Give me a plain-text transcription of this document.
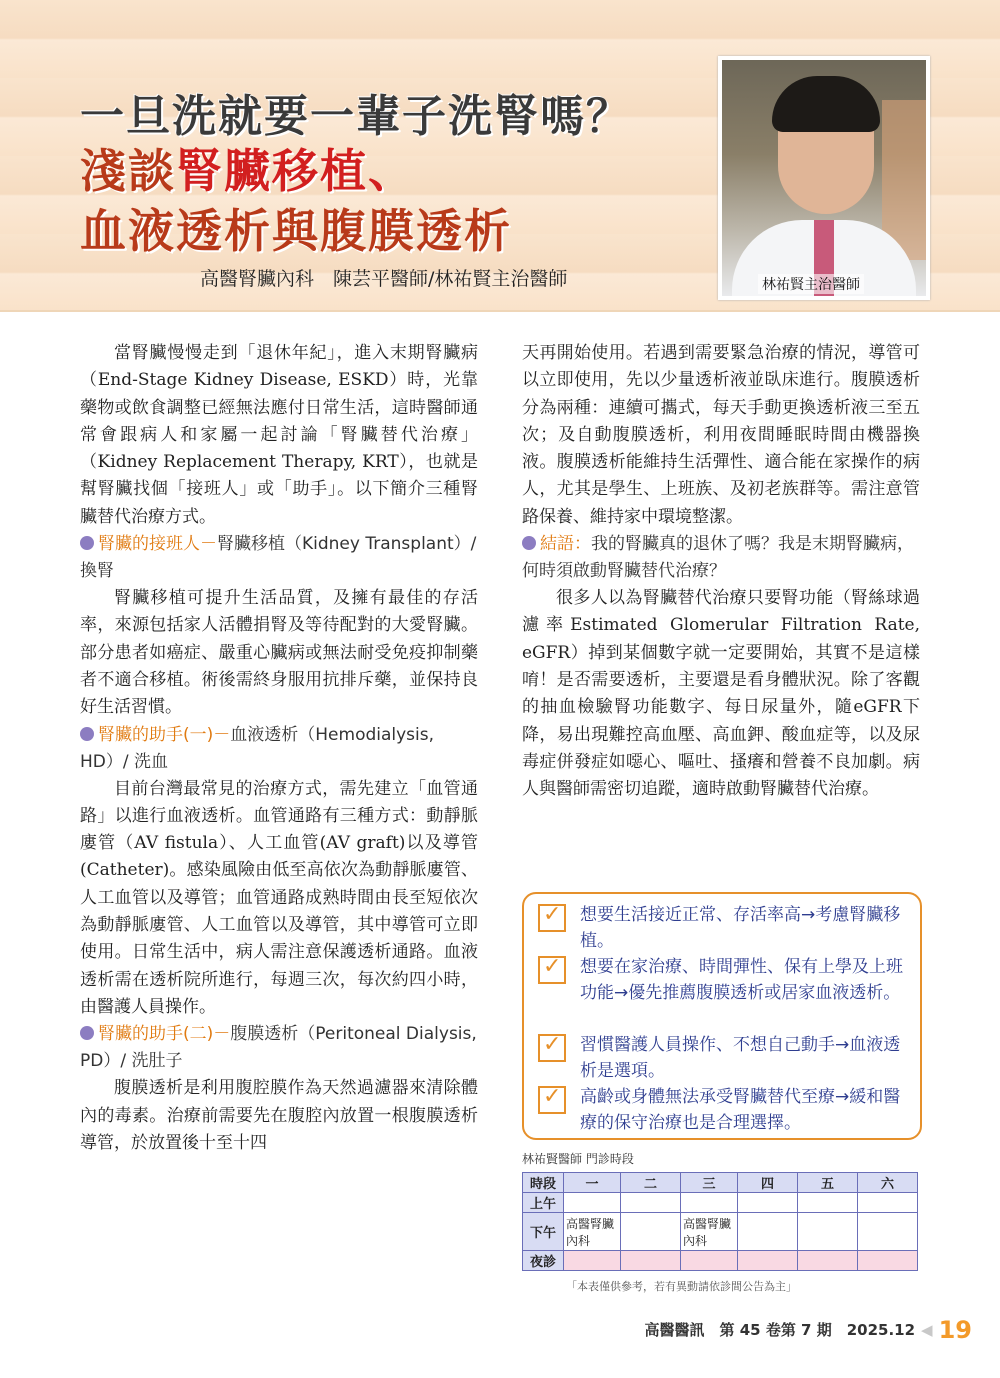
一旦洗就要一輩子洗腎嗎？
淺談腎臟移植、
血液透析與腹膜透析
高醫腎臟內科　陳芸平醫師/林祐賢主治醫師	林祐賢主治醫師

當腎臟慢慢走到「退休年紀」，進入末期腎臟病（End-Stage Kidney Disease, ESKD）時，光靠藥物或飲食調整已經無法應付日常生活，這時醫師通常會跟病人和家屬一起討論「腎臟替代治療」（Kidney Replacement Therapy, KRT），也就是幫腎臟找個「接班人」或「助手」。以下簡介三種腎臟替代治療方式。

腎臟的接班人－腎臟移植（Kidney Transplant）/ 換腎

腎臟移植可提升生活品質，及擁有最佳的存活率，來源包括家人活體捐腎及等待配對的大愛腎臟。部分患者如癌症、嚴重心臟病或無法耐受免疫抑制藥者不適合移植。術後需終身服用抗排斥藥，並保持良好生活習慣。

腎臟的助手(一)－血液透析（Hemodialysis, HD）/ 洗血

目前台灣最常見的治療方式，需先建立「血管通路」以進行血液透析。血管通路有三種方式：動靜脈廔管（AV fistula）、人工血管(AV graft)以及導管(Catheter)。感染風險由低至高依次為動靜脈廔管、人工血管以及導管；血管通路成熟時間由長至短依次為動靜脈廔管、人工血管以及導管，其中導管可立即使用。日常生活中，病人需注意保護透析通路。血液透析需在透析院所進行，每週三次，每次約四小時，由醫護人員操作。

腎臟的助手(二)－腹膜透析（Peritoneal Dialysis, PD）/ 洗肚子

腹膜透析是利用腹腔膜作為天然過濾器來清除體內的毒素。治療前需要先在腹腔內放置一根腹膜透析導管，於放置後十至十四

天再開始使用。若遇到需要緊急治療的情況，導管可以立即使用，先以少量透析液並臥床進行。腹膜透析分為兩種：連續可攜式，每天手動更換透析液三至五次；及自動腹膜透析，利用夜間睡眠時間由機器換液。腹膜透析能維持生活彈性、適合能在家操作的病人，尤其是學生、上班族、及初老族群等。需注意管路保養、維持家中環境整潔。

結語：我的腎臟真的退休了嗎？我是末期腎臟病，何時須啟動腎臟替代治療？

很多人以為腎臟替代治療只要腎功能（腎絲球過濾率Estimated Glomerular Filtration Rate, eGFR）掉到某個數字就一定要開始，其實不是這樣唷！是否需要透析，主要還是看身體狀況。除了客觀的抽血檢驗腎功能數字、每日尿量外，隨eGFR下降，易出現難控高血壓、高血鉀、酸血症等，以及尿毒症併發症如噁心、嘔吐、搔癢和營養不良加劇。病人與醫師需密切追蹤，適時啟動腎臟替代治療。

✓ 想要生活接近正常、存活率高→考慮腎臟移植。
✓ 想要在家治療、時間彈性、保有上學及上班功能→優先推薦腹膜透析或居家血液透析。
✓ 習慣醫護人員操作、不想自己動手→血液透析是選項。
✓ 高齡或身體無法承受腎臟替代至療→緩和醫療的保守治療也是合理選擇。
林祐賢醫師 門診時段
時段	一	二	三	四	五	六
上午						
下午	高醫腎臟內科		高醫腎臟內科			
夜診						
「本表僅供參考，若有異動請依診間公告為主」
高醫醫訊　第 45 卷第 7 期　2025.12 ◀ 19
